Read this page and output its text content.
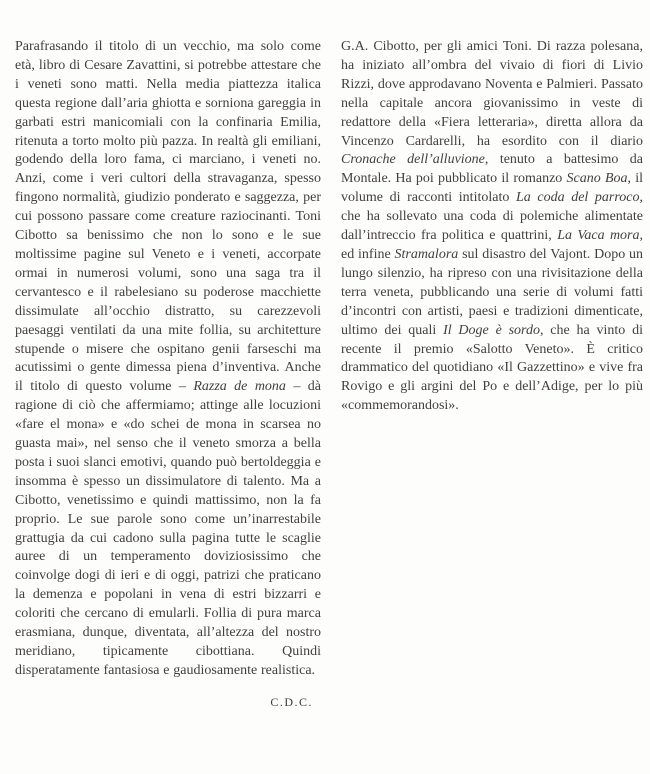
Parafrasando il titolo di un vecchio, ma solo come età, libro di Cesare Zavattini, si potrebbe attestare che i veneti sono matti. Nella media piattezza italica questa regione dall’aria ghiotta e sorniona gareggia in garbati estri manicomiali con la confinaria Emilia, ritenuta a torto molto più pazza. In realtà gli emiliani, godendo della loro fama, ci marciano, i veneti no. Anzi, come i veri cultori della stravaganza, spesso fingono normalità, giudizio ponderato e saggezza, per cui possono passare come creature raziocinanti. Toni Cibotto sa benissimo che non lo sono e le sue moltissime pagine sul Veneto e i veneti, accorpate ormai in numerosi volumi, sono una saga tra il cervantesco e il rabelesiano su poderose macchiette dissimulate all’occhio distratto, su carezzevoli paesaggi ventilati da una mite follia, su architetture stupende o misere che ospitano genii farseschi ma acutissimi o gente dimessa piena d’inventiva. Anche il titolo di questo volume – Razza de mona – dà ragione di ciò che affermiamo; attinge alle locuzioni «fare el mona» e «do schei de mona in scarsea no guasta mai», nel senso che il veneto smorza a bella posta i suoi slanci emotivi, quando può bertoldeggia e insomma è spesso un dissimulatore di talento. Ma a Cibotto, venetissimo e quindi mattissimo, non la fa proprio. Le sue parole sono come un’inarrestabile grattugia da cui cadono sulla pagina tutte le scaglie auree di un temperamento doviziosissimo che coinvolge dogi di ieri e di oggi, patrizi che praticano la demenza e popolani in vena di estri bizzarri e coloriti che cercano di emularli. Follia di pura marca erasmiana, dunque, diventata, all’altezza del nostro meridiano, tipicamente cibottiana. Quindi disperatamente fantasiosa e gaudiosamente realistica.

C.D.C.

G.A. Cibotto, per gli amici Toni. Di razza polesana, ha iniziato all’ombra del vivaio di fiori di Livio Rizzi, dove approdavano Noventa e Palmieri. Passato nella capitale ancora giovanissimo in veste di redattore della «Fiera letteraria», diretta allora da Vincenzo Cardarelli, ha esordito con il diario Cronache dell’alluvione, tenuto a battesimo da Montale. Ha poi pubblicato il romanzo Scano Boa, il volume di racconti intitolato La coda del parroco, che ha sollevato una coda di polemiche alimentate dall’intreccio fra politica e quattrini, La Vaca mora, ed infine Stramalora sul disastro del Vajont. Dopo un lungo silenzio, ha ripreso con una rivisitazione della terra veneta, pubblicando una serie di volumi fatti d’incontri con artisti, paesi e tradizioni dimenticate, ultimo dei quali Il Doge è sordo, che ha vinto di recente il premio «Salotto Veneto». È critico drammatico del quotidiano «Il Gazzettino» e vive fra Rovigo e gli argini del Po e dell’Adige, per lo più «commemorandosi».
